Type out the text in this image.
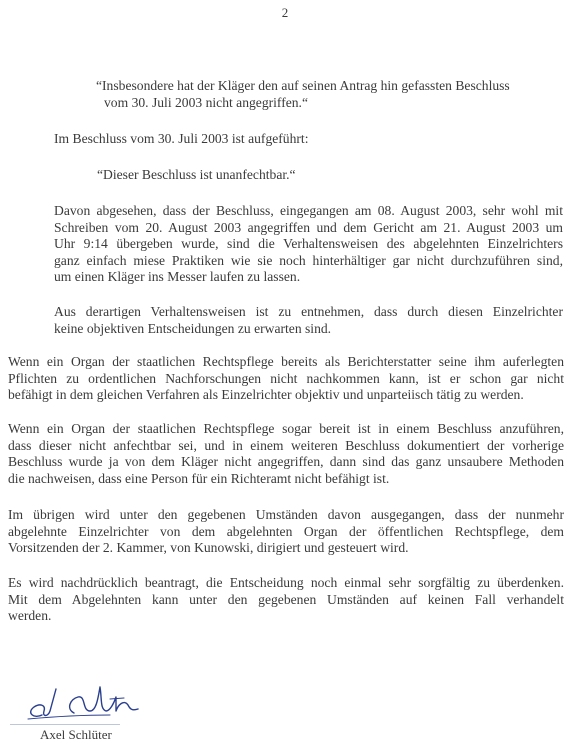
2
“Insbesondere hat der Kläger den auf seinen Antrag hin gefassten Beschluss
vom 30. Juli 2003 nicht angegriffen.“
Im Beschluss vom 30. Juli 2003 ist aufgeführt:
“Dieser Beschluss ist unanfechtbar.“
Davon abgesehen, dass der Beschluss, eingegangen am 08. August 2003, sehr wohl mit
Schreiben vom 20. August 2003 angegriffen und dem Gericht am 21. August 2003 um
Uhr 9:14 übergeben wurde, sind die Verhaltensweisen des abgelehnten Einzelrichters
ganz einfach miese Praktiken wie sie noch hinterhältiger gar nicht durchzuführen sind,
um einen Kläger ins Messer laufen zu lassen.
Aus derartigen Verhaltensweisen ist zu entnehmen, dass durch diesen Einzelrichter
keine objektiven Entscheidungen zu erwarten sind.
Wenn ein Organ der staatlichen Rechtspflege bereits als Berichterstatter seine ihm auferlegten
Pflichten zu ordentlichen Nachforschungen nicht nachkommen kann, ist er schon gar nicht
befähigt in dem gleichen Verfahren als Einzelrichter objektiv und unparteiisch tätig zu werden.
Wenn ein Organ der staatlichen Rechtspflege sogar bereit ist in einem Beschluss anzuführen,
dass dieser nicht anfechtbar sei, und in einem weiteren Beschluss dokumentiert der vorherige
Beschluss wurde ja von dem Kläger nicht angegriffen, dann sind das ganz unsaubere Methoden
die nachweisen, dass eine Person für ein Richteramt nicht befähigt ist.
Im übrigen wird unter den gegebenen Umständen davon ausgegangen, dass der nunmehr
abgelehnte Einzelrichter von dem abgelehnten Organ der öffentlichen Rechtspflege, dem
Vorsitzenden der 2. Kammer, von Kunowski, dirigiert und gesteuert wird.
Es wird nachdrücklich beantragt, die Entscheidung noch einmal sehr sorgfältig zu überdenken.
Mit dem Abgelehnten kann unter den gegebenen Umständen auf keinen Fall verhandelt
werden.
Axel Schlüter
